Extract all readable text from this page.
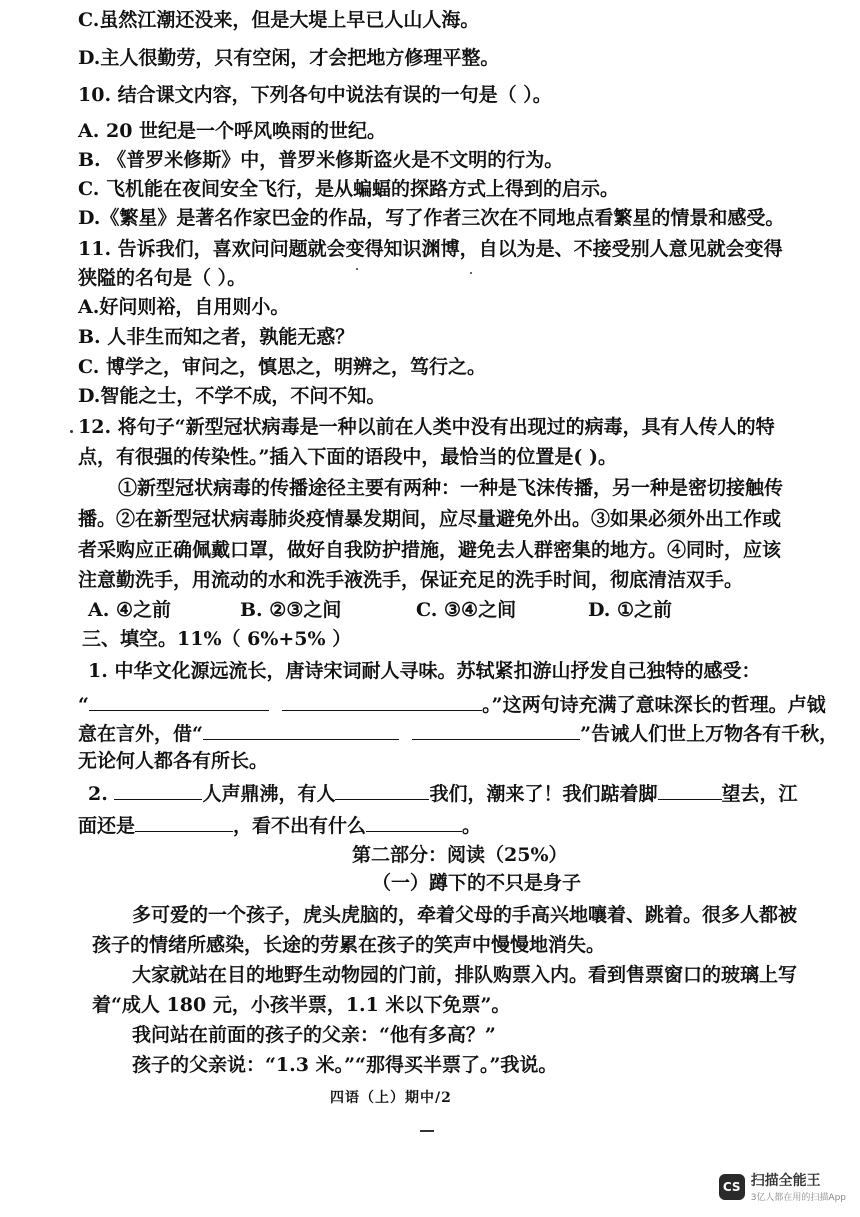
C.虽然江潮还没来，但是大堤上早已人山人海。
D.主人很勤劳，只有空闲，才会把地方修理平整。
10. 结合课文内容，下列各句中说法有误的一句是（ ）。
A. 20 世纪是一个呼风唤雨的世纪。
B. 《普罗米修斯》中，普罗米修斯盗火是不文明的行为。
C. 飞机能在夜间安全飞行，是从蝙蝠的探路方式上得到的启示。
D.《繁星》是著名作家巴金的作品，写了作者三次在不同地点看繁星的情景和感受。
11. 告诉我们，喜欢问问题就会变得知识渊博，自以为是、不接受别人意见就会变得
狭隘的名句是（ ）。
A.好问则裕，自用则小。
B. 人非生而知之者，孰能无惑？
C. 博学之，审问之，慎思之，明辨之，笃行之。
D.智能之士，不学不成，不问不知。
12. 将句子“新型冠状病毒是一种以前在人类中没有出现过的病毒，具有人传人的特
点，有很强的传染性。”插入下面的语段中，最恰当的位置是( )。
①新型冠状病毒的传播途径主要有两种：一种是飞沫传播，另一种是密切接触传
播。②在新型冠状病毒肺炎疫情暴发期间，应尽量避免外出。③如果必须外出工作或
者采购应正确佩戴口罩，做好自我防护措施，避免去人群密集的地方。④同时，应该
注意勤洗手，用流动的水和洗手液洗手，保证充足的洗手时间，彻底清洁双手。
A. ④之前	B. ②③之间	C. ③④之间	D. ①之前
三、填空。11%（ 6%+5% ）
1. 中华文化源远流长，唐诗宋词耐人寻味。苏轼紧扣游山抒发自己独特的感受：
“	。”这两句诗充满了意味深长的哲理。卢钺
意在言外，借“	”告诫人们世上万物各有千秋，
无论何人都各有所长。
2.	人声鼎沸，有人	我们，潮来了！我们踮着脚	望去，江
面还是	，看不出有什么	。
第二部分：阅读（25%）
（一）蹲下的不只是身子
多可爱的一个孩子，虎头虎脑的，牵着父母的手高兴地嚷着、跳着。很多人都被
孩子的情绪所感染，长途的劳累在孩子的笑声中慢慢地消失。
大家就站在目的地野生动物园的门前，排队购票入内。看到售票窗口的玻璃上写
着“成人 180 元，小孩半票，1.1 米以下免票”。
我问站在前面的孩子的父亲：“他有多高？”
孩子的父亲说：“1.3 米。”“那得买半票了。”我说。
四语（上）期中/2
CS 扫描全能王
3亿人都在用的扫描App
